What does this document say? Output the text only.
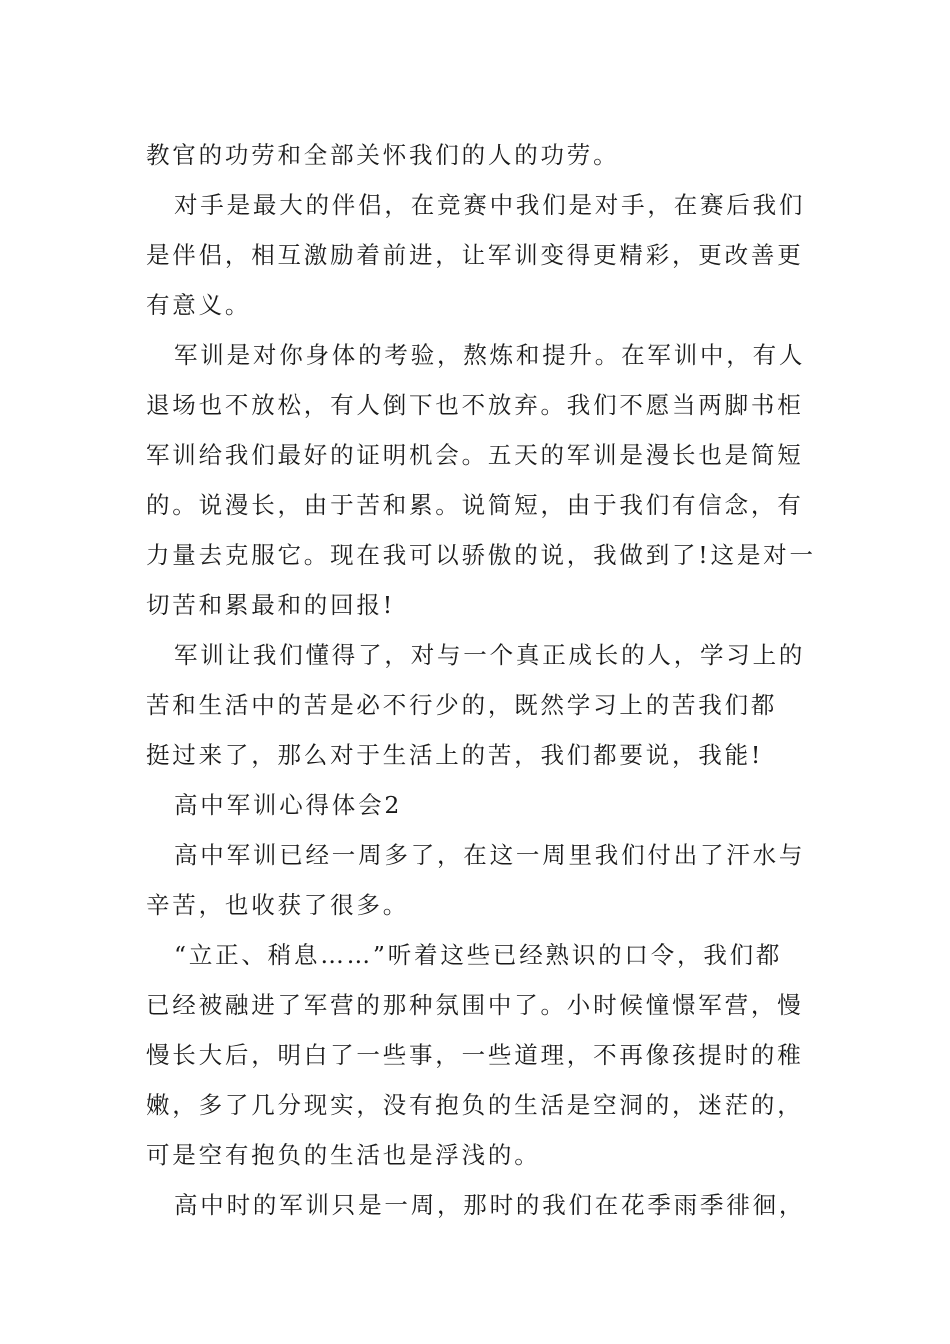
教官的功劳和全部关怀我们的人的功劳。
对手是最大的伴侣，在竞赛中我们是对手，在赛后我们
是伴侣，相互激励着前进，让军训变得更精彩，更改善更
有意义。
军训是对你身体的考验，熬炼和提升。在军训中，有人
退场也不放松，有人倒下也不放弃。我们不愿当两脚书柜
军训给我们最好的证明机会。五天的军训是漫长也是简短
的。说漫长，由于苦和累。说简短，由于我们有信念，有
力量去克服它。现在我可以骄傲的说，我做到了!这是对一
切苦和累最和的回报!
军训让我们懂得了，对与一个真正成长的人，学习上的
苦和生活中的苦是必不行少的，既然学习上的苦我们都
挺过来了，那么对于生活上的苦，我们都要说，我能!
高中军训心得体会2
高中军训已经一周多了，在这一周里我们付出了汗水与
辛苦，也收获了很多。
“立正、稍息……”听着这些已经熟识的口令，我们都
已经被融进了军营的那种氛围中了。小时候憧憬军营，慢
慢长大后，明白了一些事，一些道理，不再像孩提时的稚
嫩，多了几分现实，没有抱负的生活是空洞的，迷茫的，
可是空有抱负的生活也是浮浅的。
高中时的军训只是一周，那时的我们在花季雨季徘徊，
